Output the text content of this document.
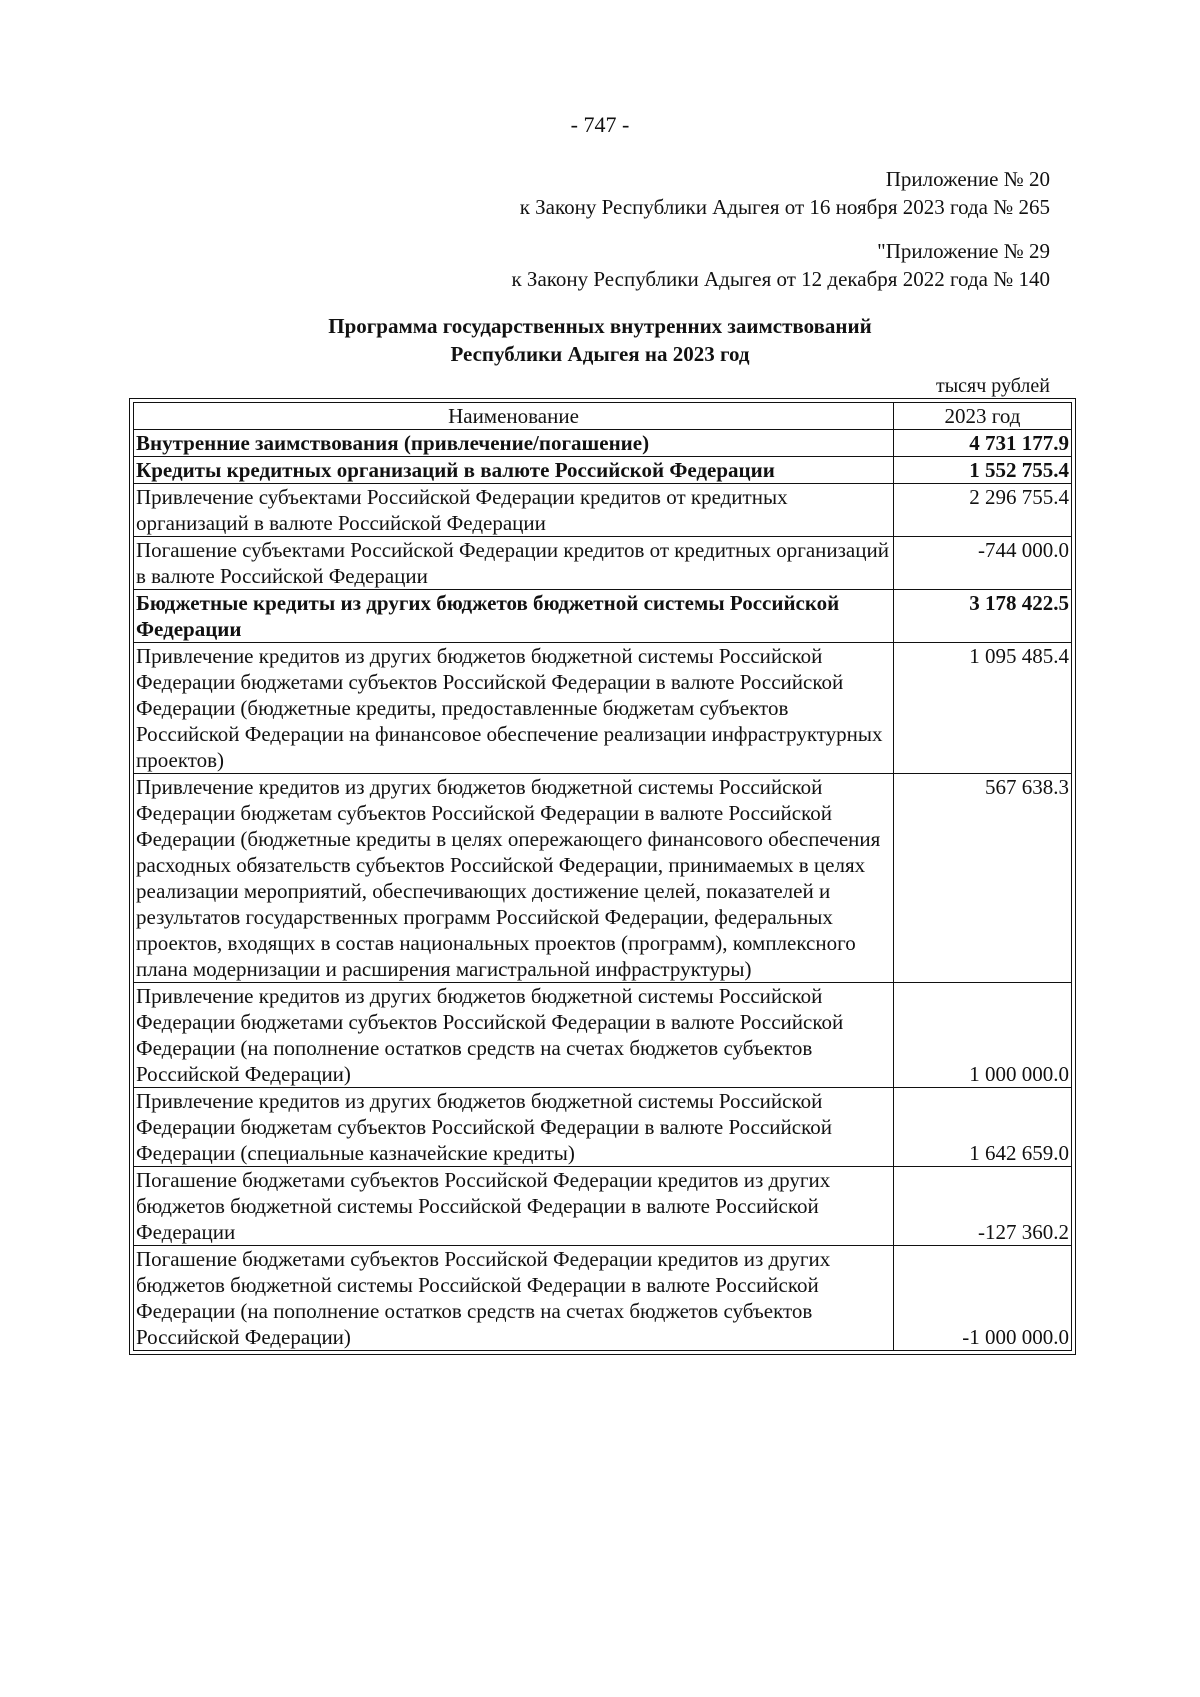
- 747 -
Приложение № 20
к Закону Республики Адыгея от 16 ноября 2023 года № 265
"Приложение № 29
к Закону Республики Адыгея от 12 декабря 2022 года № 140
Программа государственных внутренних заимствований
Республики Адыгея на 2023 год
тысяч рублей
Наименование	2023 год
Внутренние заимствования (привлечение/погашение)	4 731 177.9
Кредиты кредитных организаций в валюте Российской Федерации	1 552 755.4
Привлечение субъектами Российской Федерации кредитов от кредитных организаций в валюте Российской Федерации	2 296 755.4
Погашение субъектами Российской Федерации кредитов от кредитных организаций в валюте Российской Федерации	-744 000.0
Бюджетные кредиты из других бюджетов бюджетной системы Российской Федерации	3 178 422.5
Привлечение кредитов из других бюджетов бюджетной системы Российской Федерации бюджетами субъектов Российской Федерации в валюте Российской Федерации (бюджетные кредиты, предоставленные бюджетам субъектов Российской Федерации на финансовое обеспечение реализации инфраструктурных проектов)	1 095 485.4
Привлечение кредитов из других бюджетов бюджетной системы Российской Федерации бюджетам субъектов Российской Федерации в валюте Российской Федерации (бюджетные кредиты в целях опережающего финансового обеспечения расходных обязательств субъектов Российской Федерации, принимаемых в целях реализации мероприятий, обеспечивающих достижение целей, показателей и результатов государственных программ Российской Федерации, федеральных проектов, входящих в состав национальных проектов (программ), комплексного плана модернизации и расширения магистральной инфраструктуры)	567 638.3
Привлечение кредитов из других бюджетов бюджетной системы Российской Федерации бюджетами субъектов Российской Федерации в валюте Российской Федерации (на пополнение остатков средств на счетах бюджетов субъектов Российской Федерации)	1 000 000.0
Привлечение кредитов из других бюджетов бюджетной системы Российской Федерации бюджетам субъектов Российской Федерации в валюте Российской Федерации (специальные казначейские кредиты)	1 642 659.0
Погашение бюджетами субъектов Российской Федерации кредитов из других бюджетов бюджетной системы Российской Федерации в валюте Российской Федерации	-127 360.2
Погашение бюджетами субъектов Российской Федерации кредитов из других бюджетов бюджетной системы Российской Федерации в валюте Российской Федерации (на пополнение остатков средств на счетах бюджетов субъектов Российской Федерации)	-1 000 000.0
